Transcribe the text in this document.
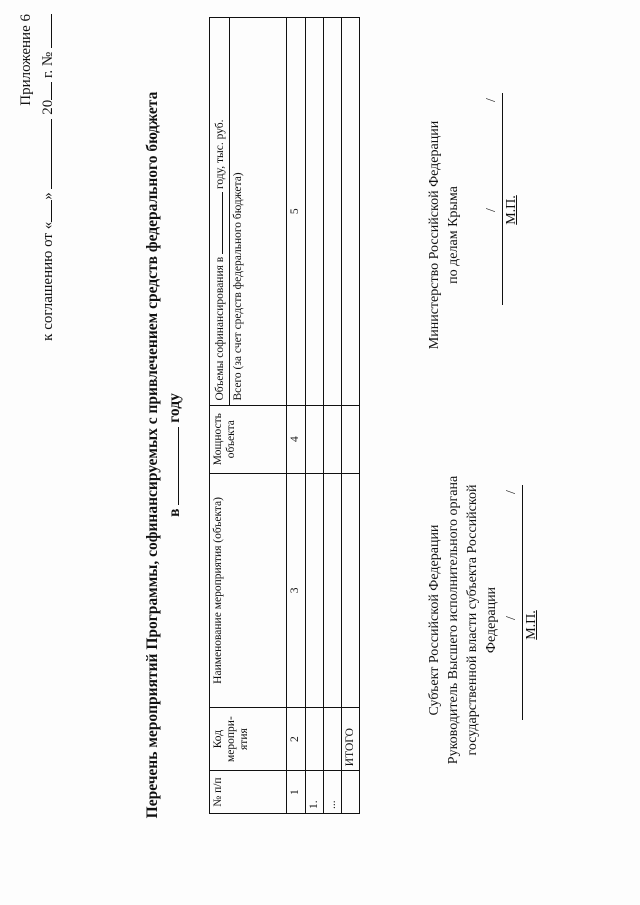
Приложение 6
к соглашению от «»  20 г. №
Перечень мероприятий Программы, софинансируемых с привлечением средств федерального бюджета в  году
№ п/п	Код меропри-ятия	Наименование мероприятия (объекта)	Мощность объекта	Объемы софинансирования в  году, тыс. руб.
Всего (за счет средств федерального бюджета)

1	2	3	4	5
1.				
...				
	ИТОГО			
Субъект Российской Федерации Руководитель Высшего исполнительного органа государственной власти субъекта Российской Федерации /
/
М.П.
Министерство Российской Федерации по делам Крыма /
/
М.П.
